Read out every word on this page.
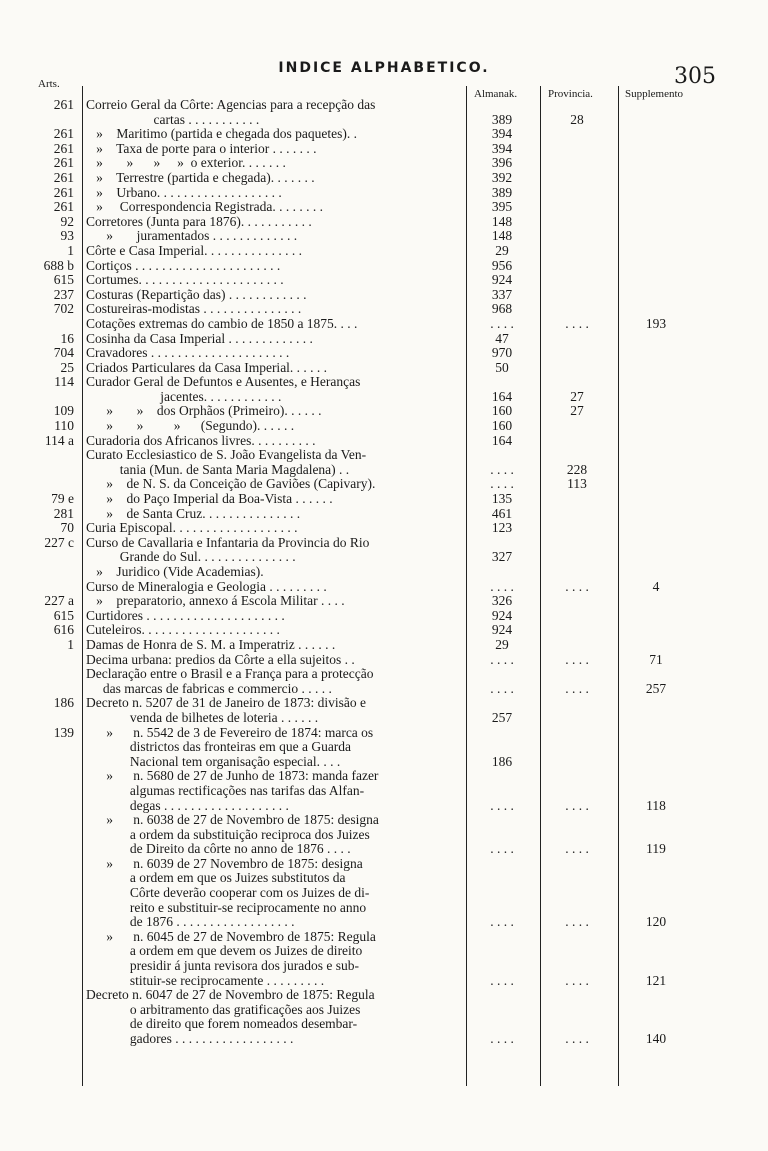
INDICE ALPHABETICO.	305
Arts.
Almanak.	Provincia.	Supplemento
261 Correio Geral da Côrte: Agencias para a recepção das
cartas . . . . . . . . . . .	389	28
261 »    Maritimo (partida e chegada dos paquetes). .	394
261 »    Taxa de porte para o interior . . . . . . .	394
261 »       »      »     »  o exterior. . . . . . .	396
261 »    Terrestre (partida e chegada). . . . . . .	392
261 »    Urbano. . . . . . . . . . . . . . . . . . .	389
261 »     Correspondencia Registrada. . . . . . . .	395
92 Corretores (Junta para 1876). . . . . . . . . . .	148
93 »       juramentados . . . . . . . . . . . . .	148
1 Côrte e Casa Imperial. . . . . . . . . . . . . . .	29
688 b Cortiços . . . . . . . . . . . . . . . . . . . . . .	956
615 Cortumes. . . . . . . . . . . . . . . . . . . . . .	924
237 Costuras (Repartição das) . . . . . . . . . . . .	337
702 Costureiras-modistas . . . . . . . . . . . . . . .	968
Cotações extremas do cambio de 1850 a 1875. . . .	. . . .	. . . .	193
16 Cosinha da Casa Imperial . . . . . . . . . . . . .	47
704 Cravadores . . . . . . . . . . . . . . . . . . . . .	970
25 Criados Particulares da Casa Imperial. . . . . .	50
114 Curador Geral de Defuntos e Ausentes, e Heranças
jacentes. . . . . . . . . . . .	164	27
109 »       »    dos Orphãos (Primeiro). . . . . .	160	27
110 »       »         »      (Segundo). . . . . .	160
114 a Curadoria dos Africanos livres. . . . . . . . . .	164
Curato Ecclesiastico de S. João Evangelista da Ven-
tania (Mun. de Santa Maria Magdalena) . .	. . . .	228
»    de N. S. da Conceição de Gaviões (Capivary).	. . . .	113
79 e »    do Paço Imperial da Boa-Vista . . . . . .	135
281 »    de Santa Cruz. . . . . . . . . . . . . . .	461
70 Curia Episcopal. . . . . . . . . . . . . . . . . . .	123
227 c Curso de Cavallaria e Infantaria da Provincia do Rio
Grande do Sul. . . . . . . . . . . . . . .	327
»    Juridico (Vide Academias).
Curso de Mineralogia e Geologia . . . . . . . . .	. . . .	. . . .	4
227 a »    preparatorio, annexo á Escola Militar . . . .	326
615 Curtidores . . . . . . . . . . . . . . . . . . . . .	924
616 Cuteleiros. . . . . . . . . . . . . . . . . . . . .	924
1 Damas de Honra de S. M. a Imperatriz . . . . . .	29
Decima urbana: predios da Côrte a ella sujeitos . .	. . . .	. . . .	71
Declaração entre o Brasil e a França para a protecção
das marcas de fabricas e commercio . . . . .	. . . .	. . . .	257
186 Decreto n. 5207 de 31 de Janeiro de 1873: divisão e
venda de bilhetes de loteria . . . . . .	257
139 »      n. 5542 de 3 de Fevereiro de 1874: marca os
districtos das fronteiras em que a Guarda
Nacional tem organisação especial. . . .	186
»      n. 5680 de 27 de Junho de 1873: manda fazer
algumas rectificações nas tarifas das Alfan-
degas . . . . . . . . . . . . . . . . . . .	. . . .	. . . .	118
»      n. 6038 de 27 de Novembro de 1875: designa
a ordem da substituição reciproca dos Juizes
de Direito da côrte no anno de 1876 . . . .	. . . .	. . . .	119
»      n. 6039 de 27 Novembro de 1875: designa
a ordem em que os Juizes substitutos da
Côrte deverão cooperar com os Juizes de di-
reito e substituir-se reciprocamente no anno
de 1876 . . . . . . . . . . . . . . . . . .	. . . .	. . . .	120
»      n. 6045 de 27 de Novembro de 1875: Regula
a ordem em que devem os Juizes de direito
presidir á junta revisora dos jurados e sub-
stituir-se reciprocamente . . . . . . . . .	. . . .	. . . .	121
Decreto n. 6047 de 27 de Novembro de 1875: Regula
o arbitramento das gratificações aos Juizes
de direito que forem nomeados desembar-
gadores . . . . . . . . . . . . . . . . . .	. . . .	. . . .	140
